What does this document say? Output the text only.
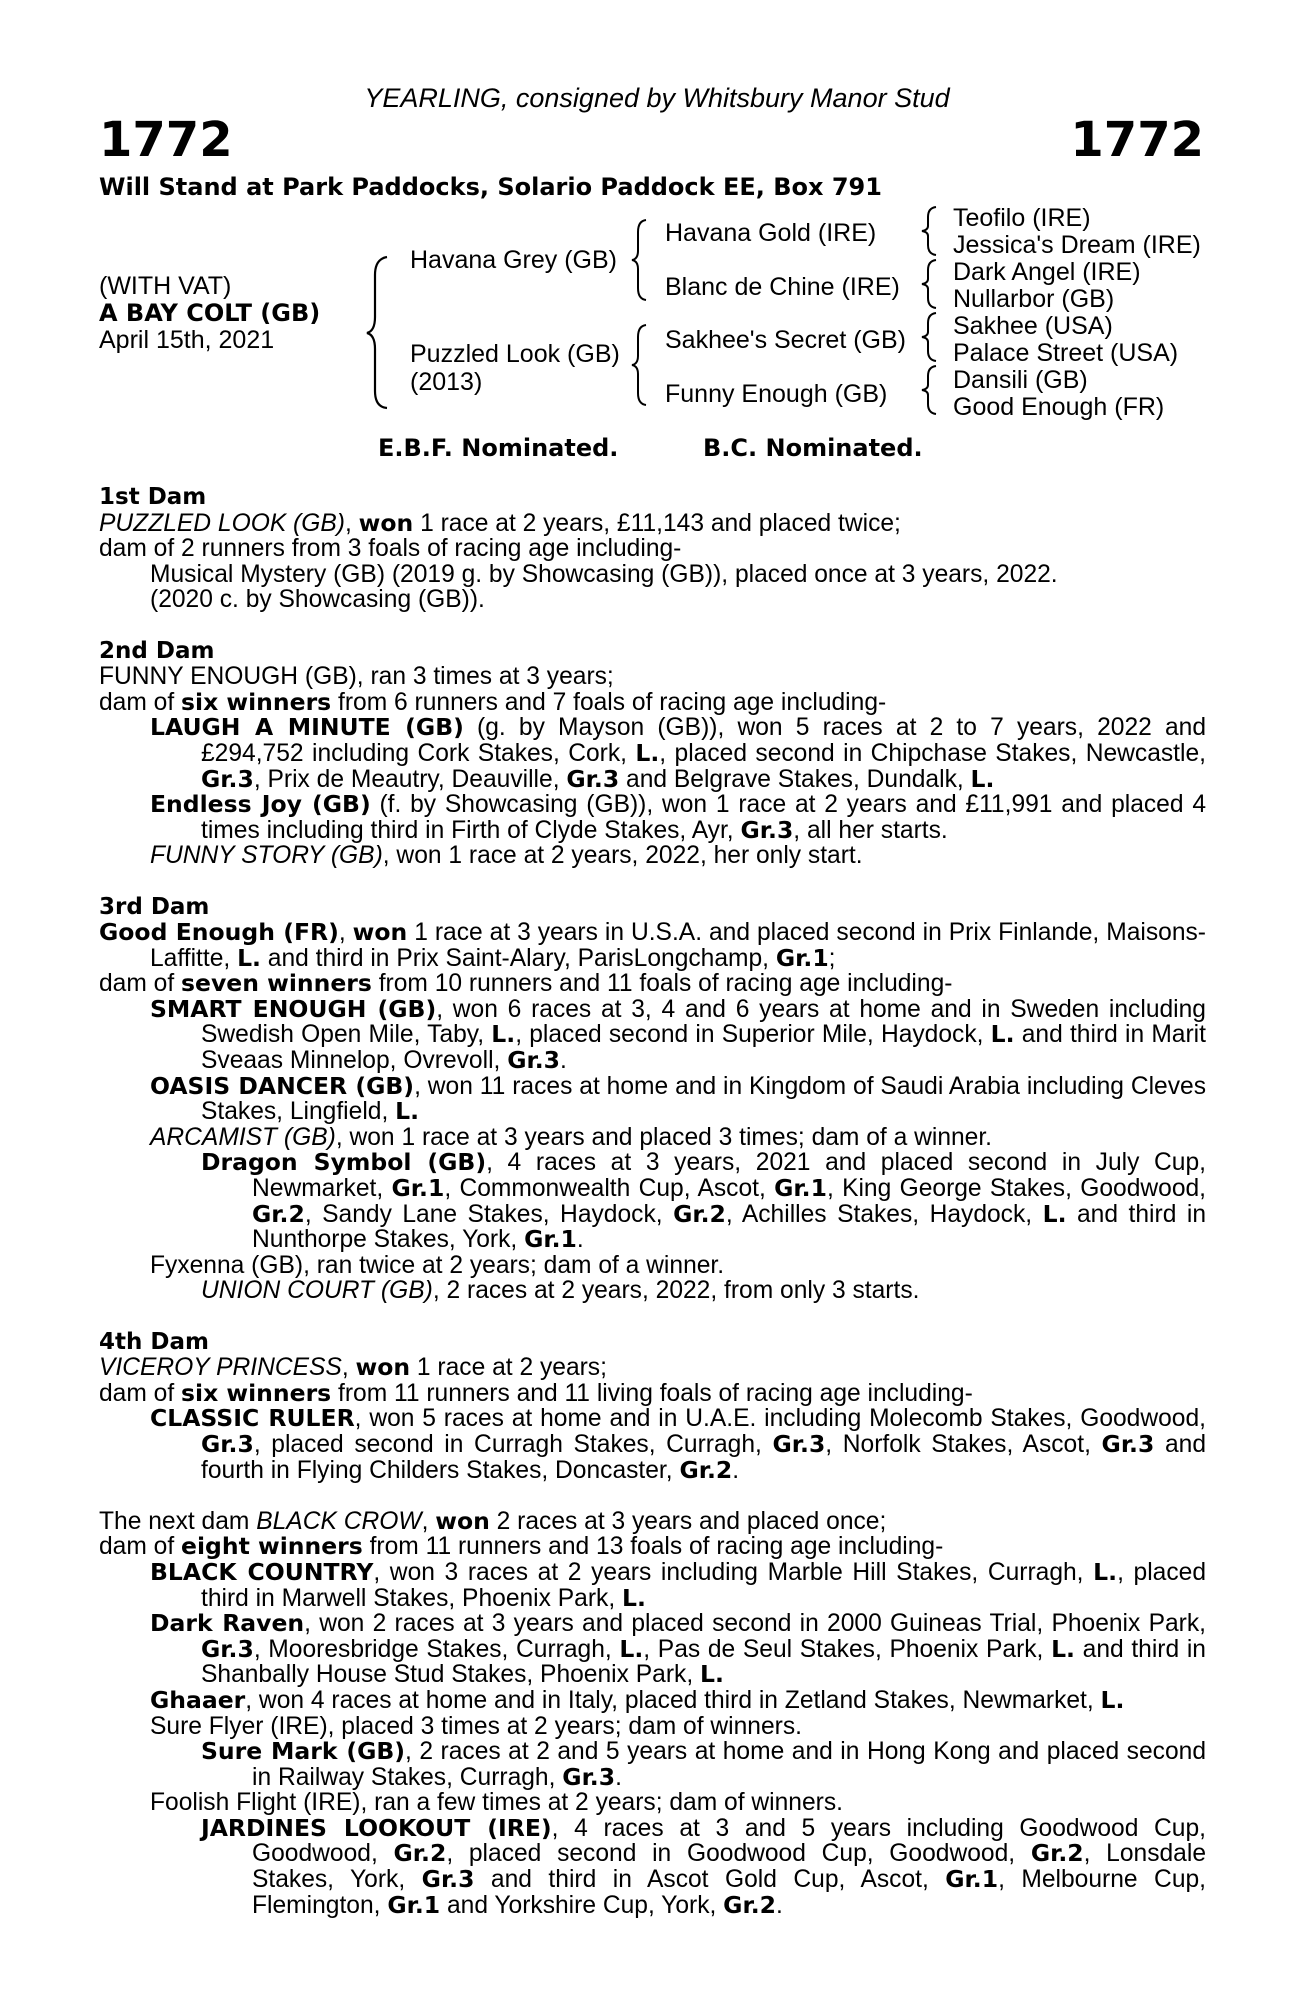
YEARLING, consigned by Whitsbury Manor Stud
1772	1772
Will Stand at Park Paddocks, Solario Paddock EE, Box 791
(WITH VAT)
A BAY COLT (GB)
April 15th, 2021
Havana Grey (GB)
Puzzled Look (GB)
(2013)
Havana Gold (IRE)
Blanc de Chine (IRE)
Sakhee's Secret (GB)
Funny Enough (GB)
Teofilo (IRE)
Jessica's Dream (IRE)
Dark Angel (IRE)
Nullarbor (GB)
Sakhee (USA)
Palace Street (USA)
Dansili (GB)
Good Enough (FR)
E.B.F. Nominated.	B.C. Nominated.
1st Dam

PUZZLED LOOK (GB), won 1 race at 2 years, £11,143 and placed twice;

dam of 2 runners from 3 foals of racing age including-

Musical Mystery (GB) (2019 g. by Showcasing (GB)), placed once at 3 years, 2022.

(2020 c. by Showcasing (GB)).

2nd Dam

FUNNY ENOUGH (GB), ran 3 times at 3 years;

dam of six winners from 6 runners and 7 foals of racing age including-

LAUGH A MINUTE (GB) (g. by Mayson (GB)), won 5 races at 2 to 7 years, 2022 and £294,752 including Cork Stakes, Cork, L., placed second in Chipchase Stakes, Newcastle, Gr.3, Prix de Meautry, Deauville, Gr.3 and Belgrave Stakes, Dundalk, L.

Endless Joy (GB) (f. by Showcasing (GB)), won 1 race at 2 years and £11,991 and placed 4 times including third in Firth of Clyde Stakes, Ayr, Gr.3, all her starts.

FUNNY STORY (GB), won 1 race at 2 years, 2022, her only start.

3rd Dam

Good Enough (FR), won 1 race at 3 years in U.S.A. and placed second in Prix Finlande, Maisons-Laffitte, L. and third in Prix Saint-Alary, ParisLongchamp, Gr.1;

dam of seven winners from 10 runners and 11 foals of racing age including-

SMART ENOUGH (GB), won 6 races at 3, 4 and 6 years at home and in Sweden including Swedish Open Mile, Taby, L., placed second in Superior Mile, Haydock, L. and third in Marit Sveaas Minnelop, Ovrevoll, Gr.3.

OASIS DANCER (GB), won 11 races at home and in Kingdom of Saudi Arabia including Cleves Stakes, Lingfield, L.

ARCAMIST (GB), won 1 race at 3 years and placed 3 times; dam of a winner.

Dragon Symbol (GB), 4 races at 3 years, 2021 and placed second in July Cup, Newmarket, Gr.1, Commonwealth Cup, Ascot, Gr.1, King George Stakes, Goodwood, Gr.2, Sandy Lane Stakes, Haydock, Gr.2, Achilles Stakes, Haydock, L. and third in Nunthorpe Stakes, York, Gr.1.

Fyxenna (GB), ran twice at 2 years; dam of a winner.

UNION COURT (GB), 2 races at 2 years, 2022, from only 3 starts.

4th Dam

VICEROY PRINCESS, won 1 race at 2 years;

dam of six winners from 11 runners and 11 living foals of racing age including-

CLASSIC RULER, won 5 races at home and in U.A.E. including Molecomb Stakes, Goodwood, Gr.3, placed second in Curragh Stakes, Curragh, Gr.3, Norfolk Stakes, Ascot, Gr.3 and fourth in Flying Childers Stakes, Doncaster, Gr.2.

The next dam BLACK CROW, won 2 races at 3 years and placed once;

dam of eight winners from 11 runners and 13 foals of racing age including-

BLACK COUNTRY, won 3 races at 2 years including Marble Hill Stakes, Curragh, L., placed third in Marwell Stakes, Phoenix Park, L.

Dark Raven, won 2 races at 3 years and placed second in 2000 Guineas Trial, Phoenix Park, Gr.3, Mooresbridge Stakes, Curragh, L., Pas de Seul Stakes, Phoenix Park, L. and third in Shanbally House Stud Stakes, Phoenix Park, L.

Ghaaer, won 4 races at home and in Italy, placed third in Zetland Stakes, Newmarket, L.

Sure Flyer (IRE), placed 3 times at 2 years; dam of winners.

Sure Mark (GB), 2 races at 2 and 5 years at home and in Hong Kong and placed second in Railway Stakes, Curragh, Gr.3.

Foolish Flight (IRE), ran a few times at 2 years; dam of winners.

JARDINES LOOKOUT (IRE), 4 races at 3 and 5 years including Goodwood Cup, Goodwood, Gr.2, placed second in Goodwood Cup, Goodwood, Gr.2, Lonsdale Stakes, York, Gr.3 and third in Ascot Gold Cup, Ascot, Gr.1, Melbourne Cup, Flemington, Gr.1 and Yorkshire Cup, York, Gr.2.
